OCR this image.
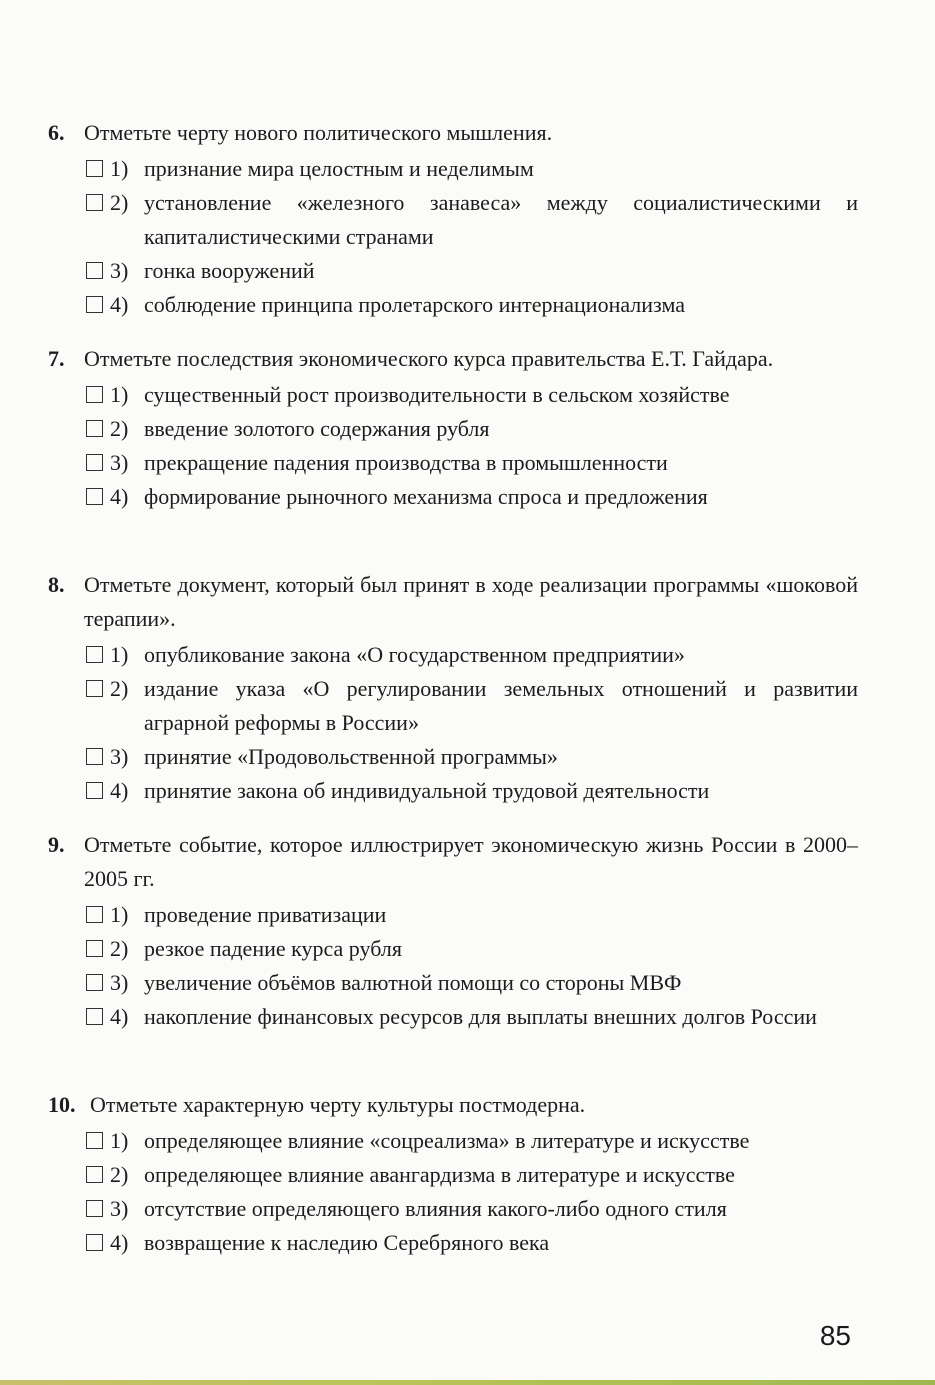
6. Отметьте черту нового политического мышления.
1) признание мира целостным и неделимым
2) установление «железного занавеса» между социалистическими и капиталистическими странами
3) гонка вооружений
4) соблюдение принципа пролетарского интернационализма
7. Отметьте последствия экономического курса правительства Е.Т. Гайдара.
1) существенный рост производительности в сельском хозяйстве
2) введение золотого содержания рубля
3) прекращение падения производства в промышленности
4) формирование рыночного механизма спроса и предложения
8. Отметьте документ, который был принят в ходе реализации программы «шоковой терапии».
1) опубликование закона «О государственном предприятии»
2) издание указа «О регулировании земельных отношений и развитии аграрной реформы в России»
3) принятие «Продовольственной программы»
4) принятие закона об индивидуальной трудовой деятельности
9. Отметьте событие, которое иллюстрирует экономическую жизнь России в 2000–2005 гг.
1) проведение приватизации
2) резкое падение курса рубля
3) увеличение объёмов валютной помощи со стороны МВФ
4) накопление финансовых ресурсов для выплаты внешних долгов России
10. Отметьте характерную черту культуры постмодерна.
1) определяющее влияние «соцреализма» в литературе и искусстве
2) определяющее влияние авангардизма в литературе и искусстве
3) отсутствие определяющего влияния какого-либо одного стиля
4) возвращение к наследию Серебряного века
85
